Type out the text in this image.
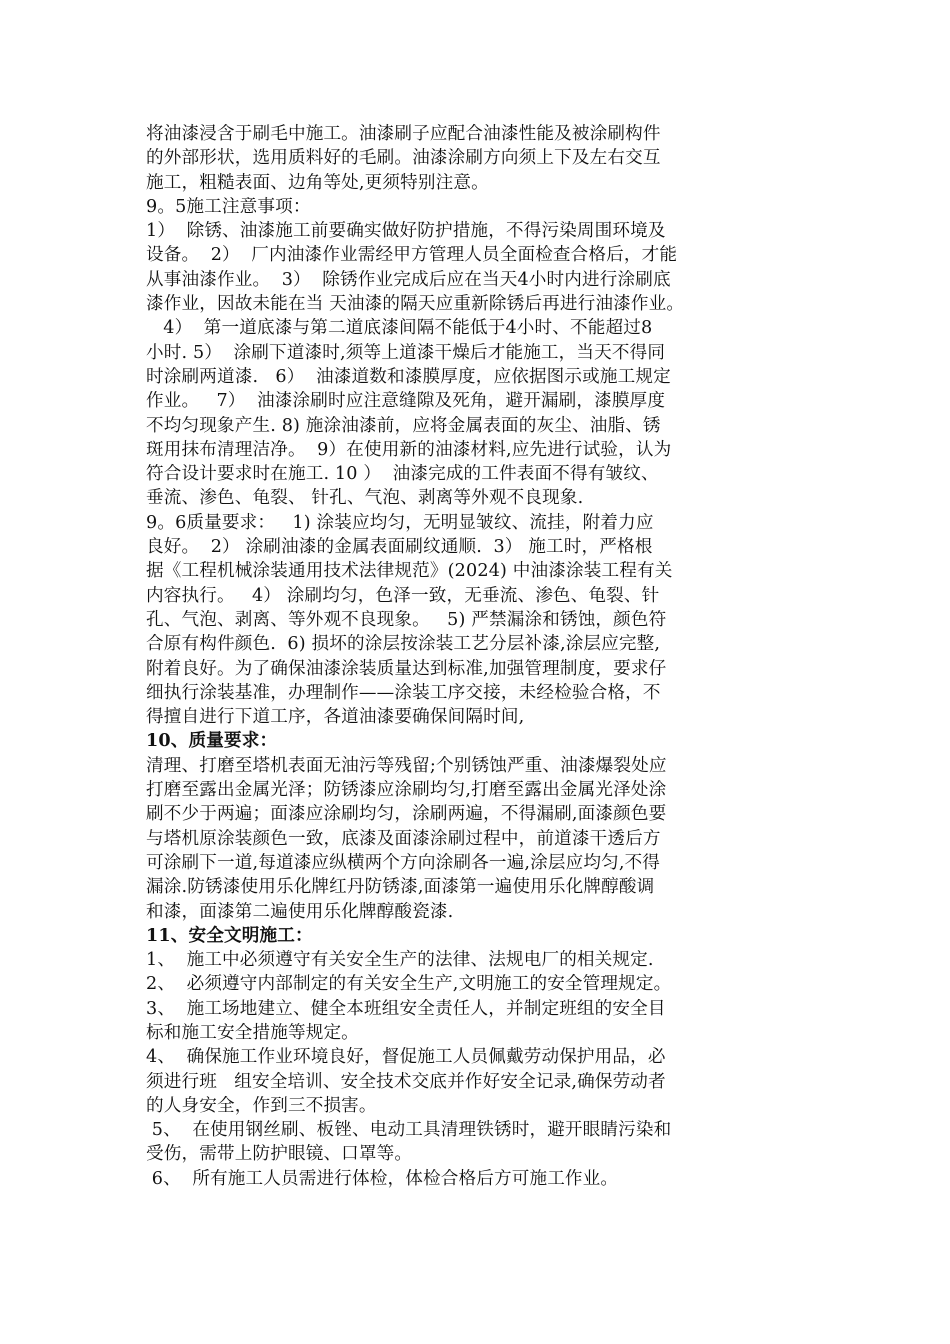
将油漆浸含于刷毛中施工。油漆刷子应配合油漆性能及被涂刷构件
的外部形状，选用质料好的毛刷。油漆涂刷方向须上下及左右交互
施工，粗糙表面、边角等处,更须特别注意。
9。5施工注意事项：
1）  除锈、油漆施工前要确实做好防护措施，不得污染周围环境及
设备。  2）  厂内油漆作业需经甲方管理人员全面检查合格后，才能
从事油漆作业。  3）  除锈作业完成后应在当天4小时内进行涂刷底
漆作业，因故未能在当 天油漆的隔天应重新除锈后再进行油漆作业。
4）  第一道底漆与第二道底漆间隔不能低于4小时、不能超过8
小时. 5）  涂刷下道漆时,须等上道漆干燥后才能施工，当天不得同
时涂刷两道漆.   6）  油漆道数和漆膜厚度，应依据图示或施工规定
作业。   7）  油漆涂刷时应注意缝隙及死角，避开漏刷，漆膜厚度
不均匀现象产生. 8) 施涂油漆前，应将金属表面的灰尘、油脂、锈
斑用抹布清理洁净。  9）在使用新的油漆材料,应先进行试验，认为
符合设计要求时在施工. 10 ）  油漆完成的工件表面不得有皱纹、
垂流、渗色、龟裂、 针孔、气泡、剥离等外观不良现象.
9。6质量要求：   1) 涂装应均匀，无明显皱纹、流挂，附着力应
良好。  2） 涂刷油漆的金属表面刷纹通顺.  3） 施工时，严格根
据《工程机械涂装通用技术法律规范》(2024) 中油漆涂装工程有关
内容执行。   4） 涂刷均匀，色泽一致，无垂流、渗色、龟裂、针
孔、气泡、剥离、等外观不良现象。   5) 严禁漏涂和锈蚀，颜色符
合原有构件颜色.  6) 损坏的涂层按涂装工艺分层补漆,涂层应完整,
附着良好。为了确保油漆涂装质量达到标准,加强管理制度，要求仔
细执行涂装基准，办理制作——涂装工序交接，未经检验合格，不
得擅自进行下道工序，各道油漆要确保间隔时间,
10、质量要求：
清理、打磨至塔机表面无油污等残留;个别锈蚀严重、油漆爆裂处应
打磨至露出金属光泽；防锈漆应涂刷均匀,打磨至露出金属光泽处涂
刷不少于两遍；面漆应涂刷均匀，涂刷两遍，不得漏刷,面漆颜色要
与塔机原涂装颜色一致，底漆及面漆涂刷过程中，前道漆干透后方
可涂刷下一道,每道漆应纵横两个方向涂刷各一遍,涂层应均匀,不得
漏涂.防锈漆使用乐化牌红丹防锈漆,面漆第一遍使用乐化牌醇酸调
和漆，面漆第二遍使用乐化牌醇酸瓷漆.
11、安全文明施工：
1、  施工中必须遵守有关安全生产的法律、法规电厂的相关规定.
2、  必须遵守内部制定的有关安全生产,文明施工的安全管理规定。
3、  施工场地建立、健全本班组安全责任人，并制定班组的安全目
标和施工安全措施等规定。
4、  确保施工作业环境良好，督促施工人员佩戴劳动保护用品，必
须进行班   组安全培训、安全技术交底并作好安全记录,确保劳动者
的人身安全，作到三不损害。
5、  在使用钢丝刷、板锉、电动工具清理铁锈时，避开眼睛污染和
受伤，需带上防护眼镜、口罩等。
6、  所有施工人员需进行体检，体检合格后方可施工作业。
